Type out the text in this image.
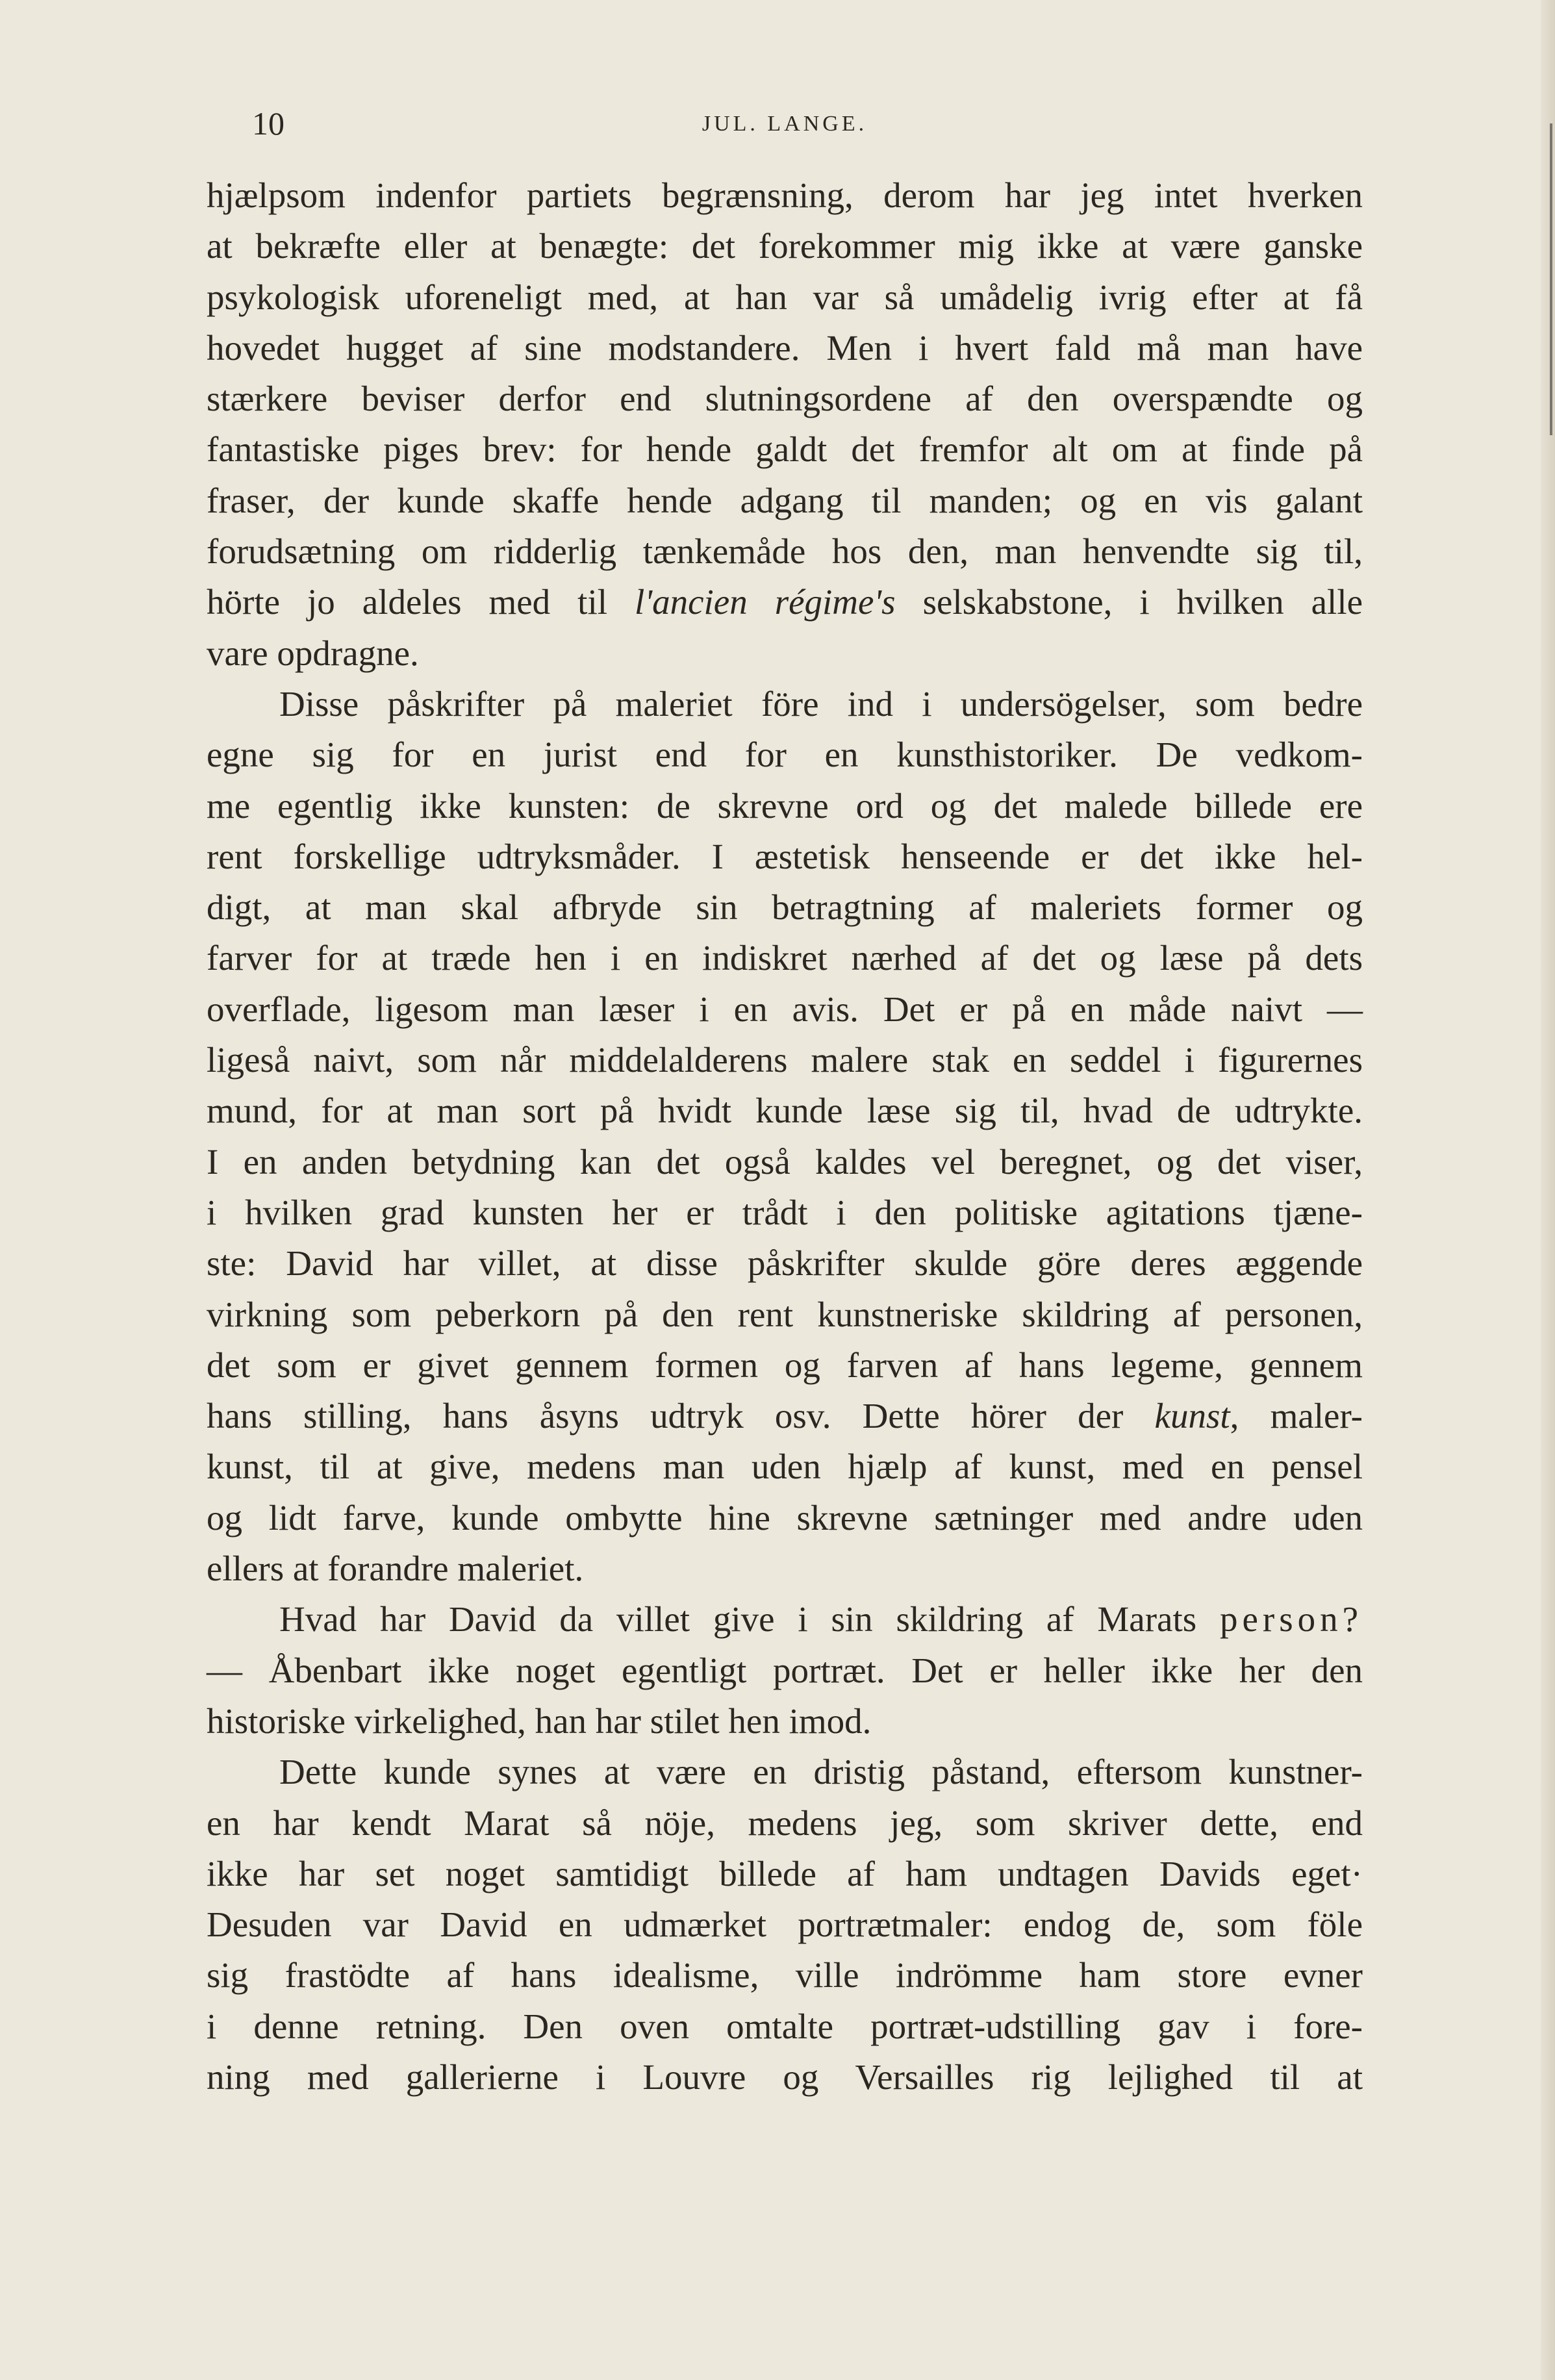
10	JUL. LANGE.
hjælpsom indenfor partiets begrænsning, derom har jeg intet hverken
at bekræfte eller at benægte: det forekommer mig ikke at være ganske
psykologisk uforeneligt med, at han var så umådelig ivrig efter at få
hovedet hugget af sine modstandere. Men i hvert fald må man have
stærkere beviser derfor end slutningsordene af den overspændte og
fantastiske piges brev: for hende galdt det fremfor alt om at finde på
fraser, der kunde skaffe hende adgang til manden; og en vis galant
forudsætning om ridderlig tænkemåde hos den, man henvendte sig til,
hörte jo aldeles med til l'ancien régime's selskabstone, i hvilken alle
vare opdragne.
Disse påskrifter på maleriet före ind i undersögelser, som bedre
egne sig for en jurist end for en kunsthistoriker. De vedkom-
me egentlig ikke kunsten: de skrevne ord og det malede billede ere
rent forskellige udtryksmåder. I æstetisk henseende er det ikke hel-
digt, at man skal afbryde sin betragtning af maleriets former og
farver for at træde hen i en indiskret nærhed af det og læse på dets
overflade, ligesom man læser i en avis. Det er på en måde naivt —
ligeså naivt, som når middelalderens malere stak en seddel i figurernes
mund, for at man sort på hvidt kunde læse sig til, hvad de udtrykte.
I en anden betydning kan det også kaldes vel beregnet, og det viser,
i hvilken grad kunsten her er trådt i den politiske agitations tjæne-
ste: David har villet, at disse påskrifter skulde göre deres æggende
virkning som peberkorn på den rent kunstneriske skildring af personen,
det som er givet gennem formen og farven af hans legeme, gennem
hans stilling, hans åsyns udtryk osv. Dette hörer der kunst, maler-
kunst, til at give, medens man uden hjælp af kunst, med en pensel
og lidt farve, kunde ombytte hine skrevne sætninger med andre uden
ellers at forandre maleriet.
Hvad har David da villet give i sin skildring af Marats person?
— Åbenbart ikke noget egentligt portræt. Det er heller ikke her den
historiske virkelighed, han har stilet hen imod.
Dette kunde synes at være en dristig påstand, eftersom kunstner-
en har kendt Marat så nöje, medens jeg, som skriver dette, end
ikke har set noget samtidigt billede af ham undtagen Davids eget·
Desuden var David en udmærket portrætmaler: endog de, som föle
sig frastödte af hans idealisme, ville indrömme ham store evner
i denne retning. Den oven omtalte portræt-udstilling gav i fore-
ning med gallerierne i Louvre og Versailles rig lejlighed til at
